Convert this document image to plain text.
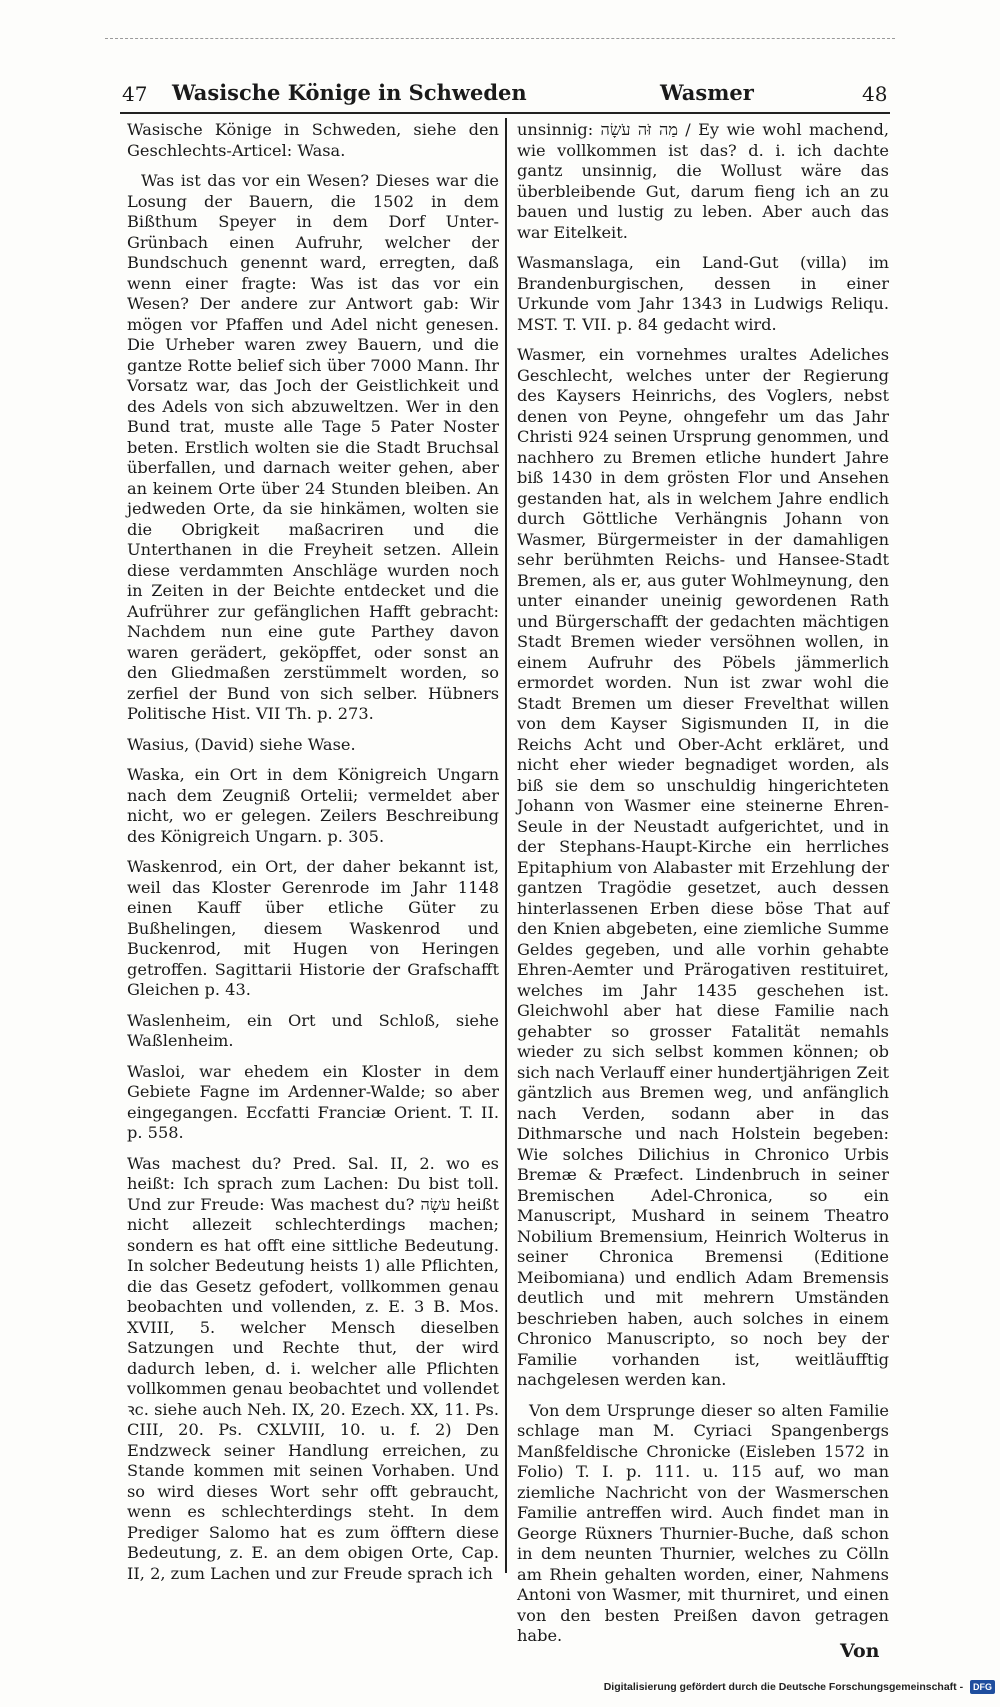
47 Wasische Könige in Schweden	Wasmer	48

Wasische Könige in Schweden, siehe den Geschlechts-Articel: Wasa.

Was ist das vor ein Wesen? Dieses war die Losung der Bauern, die 1502 in dem Bißthum Speyer in dem Dorf Unter-Grünbach einen Aufruhr, welcher der Bundschuch genennt ward, erregten, daß wenn einer fragte: Was ist das vor ein Wesen? Der andere zur Antwort gab: Wir mögen vor Pfaffen und Adel nicht genesen. Die Urheber waren zwey Bauern, und die gantze Rotte belief sich über 7000 Mann. Ihr Vorsatz war, das Joch der Geistlichkeit und des Adels von sich abzuweltzen. Wer in den Bund trat, muste alle Tage 5 Pater Noster beten. Erstlich wolten sie die Stadt Bruchsal überfallen, und darnach weiter gehen, aber an keinem Orte über 24 Stunden bleiben. An jedweden Orte, da sie hinkämen, wolten sie die Obrigkeit maßacriren und die Unterthanen in die Freyheit setzen. Allein diese verdammten Anschläge wurden noch in Zeiten in der Beichte entdecket und die Aufrührer zur gefänglichen Hafft gebracht: Nachdem nun eine gute Parthey davon waren gerädert, geköpffet, oder sonst an den Gliedmaßen zerstümmelt worden, so zerfiel der Bund von sich selber. Hübners Politische Hist. VII Th. p. 273.

Wasius, (David) siehe Wase.

Waska, ein Ort in dem Königreich Ungarn nach dem Zeugniß Ortelii; vermeldet aber nicht, wo er gelegen. Zeilers Beschreibung des Königreich Ungarn. p. 305.

Waskenrod, ein Ort, der daher bekannt ist, weil das Kloster Gerenrode im Jahr 1148 einen Kauff über etliche Güter zu Bußhelingen, diesem Waskenrod und Buckenrod, mit Hugen von Heringen getroffen. Sagittarii Historie der Grafschafft Gleichen p. 43.

Waslenheim, ein Ort und Schloß, siehe Waßlenheim.

Wasloi, war ehedem ein Kloster in dem Gebiete Fagne im Ardenner-Walde; so aber eingegangen. Eccfatti Franciæ Orient. T. II. p. 558.

Was machest du? Pred. Sal. II, 2. wo es heißt: Ich sprach zum Lachen: Du bist toll. Und zur Freude: Was machest du? עֹשָׂה heißt nicht allezeit schlechterdings machen; sondern es hat offt eine sittliche Bedeutung. In solcher Bedeutung heists 1) alle Pflichten, die das Gesetz gefodert, vollkommen genau beobachten und vollenden, z. E. 3 B. Mos. XVIII, 5. welcher Mensch dieselben Satzungen und Rechte thut, der wird dadurch leben, d. i. welcher alle Pflichten vollkommen genau beobachtet und vollendet ꝛc. siehe auch Neh. IX, 20. Ezech. XX, 11. Ps. CIII, 20. Ps. CXLVIII, 10. u. f. 2) Den Endzweck seiner Handlung erreichen, zu Stande kommen mit seinen Vorhaben. Und so wird dieses Wort sehr offt gebraucht, wenn es schlechterdings steht. In dem Prediger Salomo hat es zum öfftern diese Bedeutung, z. E. an dem obigen Orte, Cap. II, 2, zum Lachen und zur Freude sprach ich

unsinnig: מַה זֹּה עֹשָׂה / Ey wie wohl machend, wie vollkommen ist das? d. i. ich dachte gantz unsinnig, die Wollust wäre das überbleibende Gut, darum fieng ich an zu bauen und lustig zu leben. Aber auch das war Eitelkeit.

Wasmanslaga, ein Land-Gut (villa) im Brandenburgischen, dessen in einer Urkunde vom Jahr 1343 in Ludwigs Reliqu. MST. T. VII. p. 84 gedacht wird.

Wasmer, ein vornehmes uraltes Adeliches Geschlecht, welches unter der Regierung des Kaysers Heinrichs, des Voglers, nebst denen von Peyne, ohngefehr um das Jahr Christi 924 seinen Ursprung genommen, und nachhero zu Bremen etliche hundert Jahre biß 1430 in dem grösten Flor und Ansehen gestanden hat, als in welchem Jahre endlich durch Göttliche Verhängnis Johann von Wasmer, Bürgermeister in der damahligen sehr berühmten Reichs- und Hansee-Stadt Bremen, als er, aus guter Wohlmeynung, den unter einander uneinig gewordenen Rath und Bürgerschafft der gedachten mächtigen Stadt Bremen wieder versöhnen wollen, in einem Aufruhr des Pöbels jämmerlich ermordet worden. Nun ist zwar wohl die Stadt Bremen um dieser Frevelthat willen von dem Kayser Sigismunden II, in die Reichs Acht und Ober-Acht erkläret, und nicht eher wieder begnadiget worden, als biß sie dem so unschuldig hingerichteten Johann von Wasmer eine steinerne Ehren-Seule in der Neustadt aufgerichtet, und in der Stephans-Haupt-Kirche ein herrliches Epitaphium von Alabaster mit Erzehlung der gantzen Tragödie gesetzet, auch dessen hinterlassenen Erben diese böse That auf den Knien abgebeten, eine ziemliche Summe Geldes gegeben, und alle vorhin gehabte Ehren-Aemter und Prärogativen restituiret, welches im Jahr 1435 geschehen ist. Gleichwohl aber hat diese Familie nach gehabter so grosser Fatalität nemahls wieder zu sich selbst kommen können; ob sich nach Verlauff einer hundertjährigen Zeit gäntzlich aus Bremen weg, und anfänglich nach Verden, sodann aber in das Dithmarsche und nach Holstein begeben: Wie solches Dilichius in Chronico Urbis Bremæ & Præfect. Lindenbruch in seiner Bremischen Adel-Chronica, so ein Manuscript, Mushard in seinem Theatro Nobilium Bremensium, Heinrich Wolterus in seiner Chronica Bremensi (Editione Meibomiana) und endlich Adam Bremensis deutlich und mit mehrern Umständen beschrieben haben, auch solches in einem Chronico Manuscripto, so noch bey der Familie vorhanden ist, weitläufftig nachgelesen werden kan.

Von dem Ursprunge dieser so alten Familie schlage man M. Cyriaci Spangenbergs Manßfeldische Chronicke (Eisleben 1572 in Folio) T. I. p. 111. u. 115 auf, wo man ziemliche Nachricht von der Wasmerschen Familie antreffen wird. Auch findet man in George Rüxners Thurnier-Buche, daß schon in dem neunten Thurnier, welches zu Cölln am Rhein gehalten worden, einer, Nahmens Antoni von Wasmer, mit thurniret, und einen von den besten Preißen davon getragen habe.

Von
Digitalisierung gefördert durch die Deutsche Forschungsgemeinschaft - DFG
